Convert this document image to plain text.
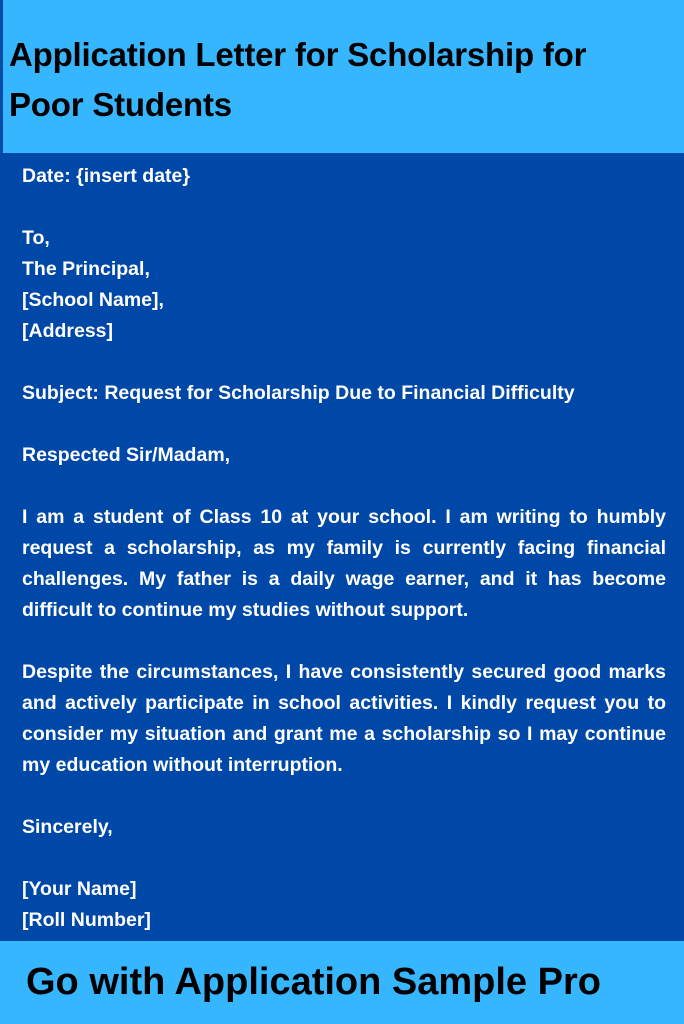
Application Letter for Scholarship for Poor Students
Date: {insert date}
To,
The Principal,
[School Name],
[Address]
Subject: Request for Scholarship Due to Financial Difficulty
Respected Sir/Madam,
I am a student of Class 10 at your school. I am writing to humbly request a scholarship, as my family is currently facing financial challenges. My father is a daily wage earner, and it has become difficult to continue my studies without support.
Despite the circumstances, I have consistently secured good marks and actively participate in school activities. I kindly request you to consider my situation and grant me a scholarship so I may continue my education without interruption.
Sincerely,
[Your Name]
[Roll Number]
Go with Application Sample Pro
